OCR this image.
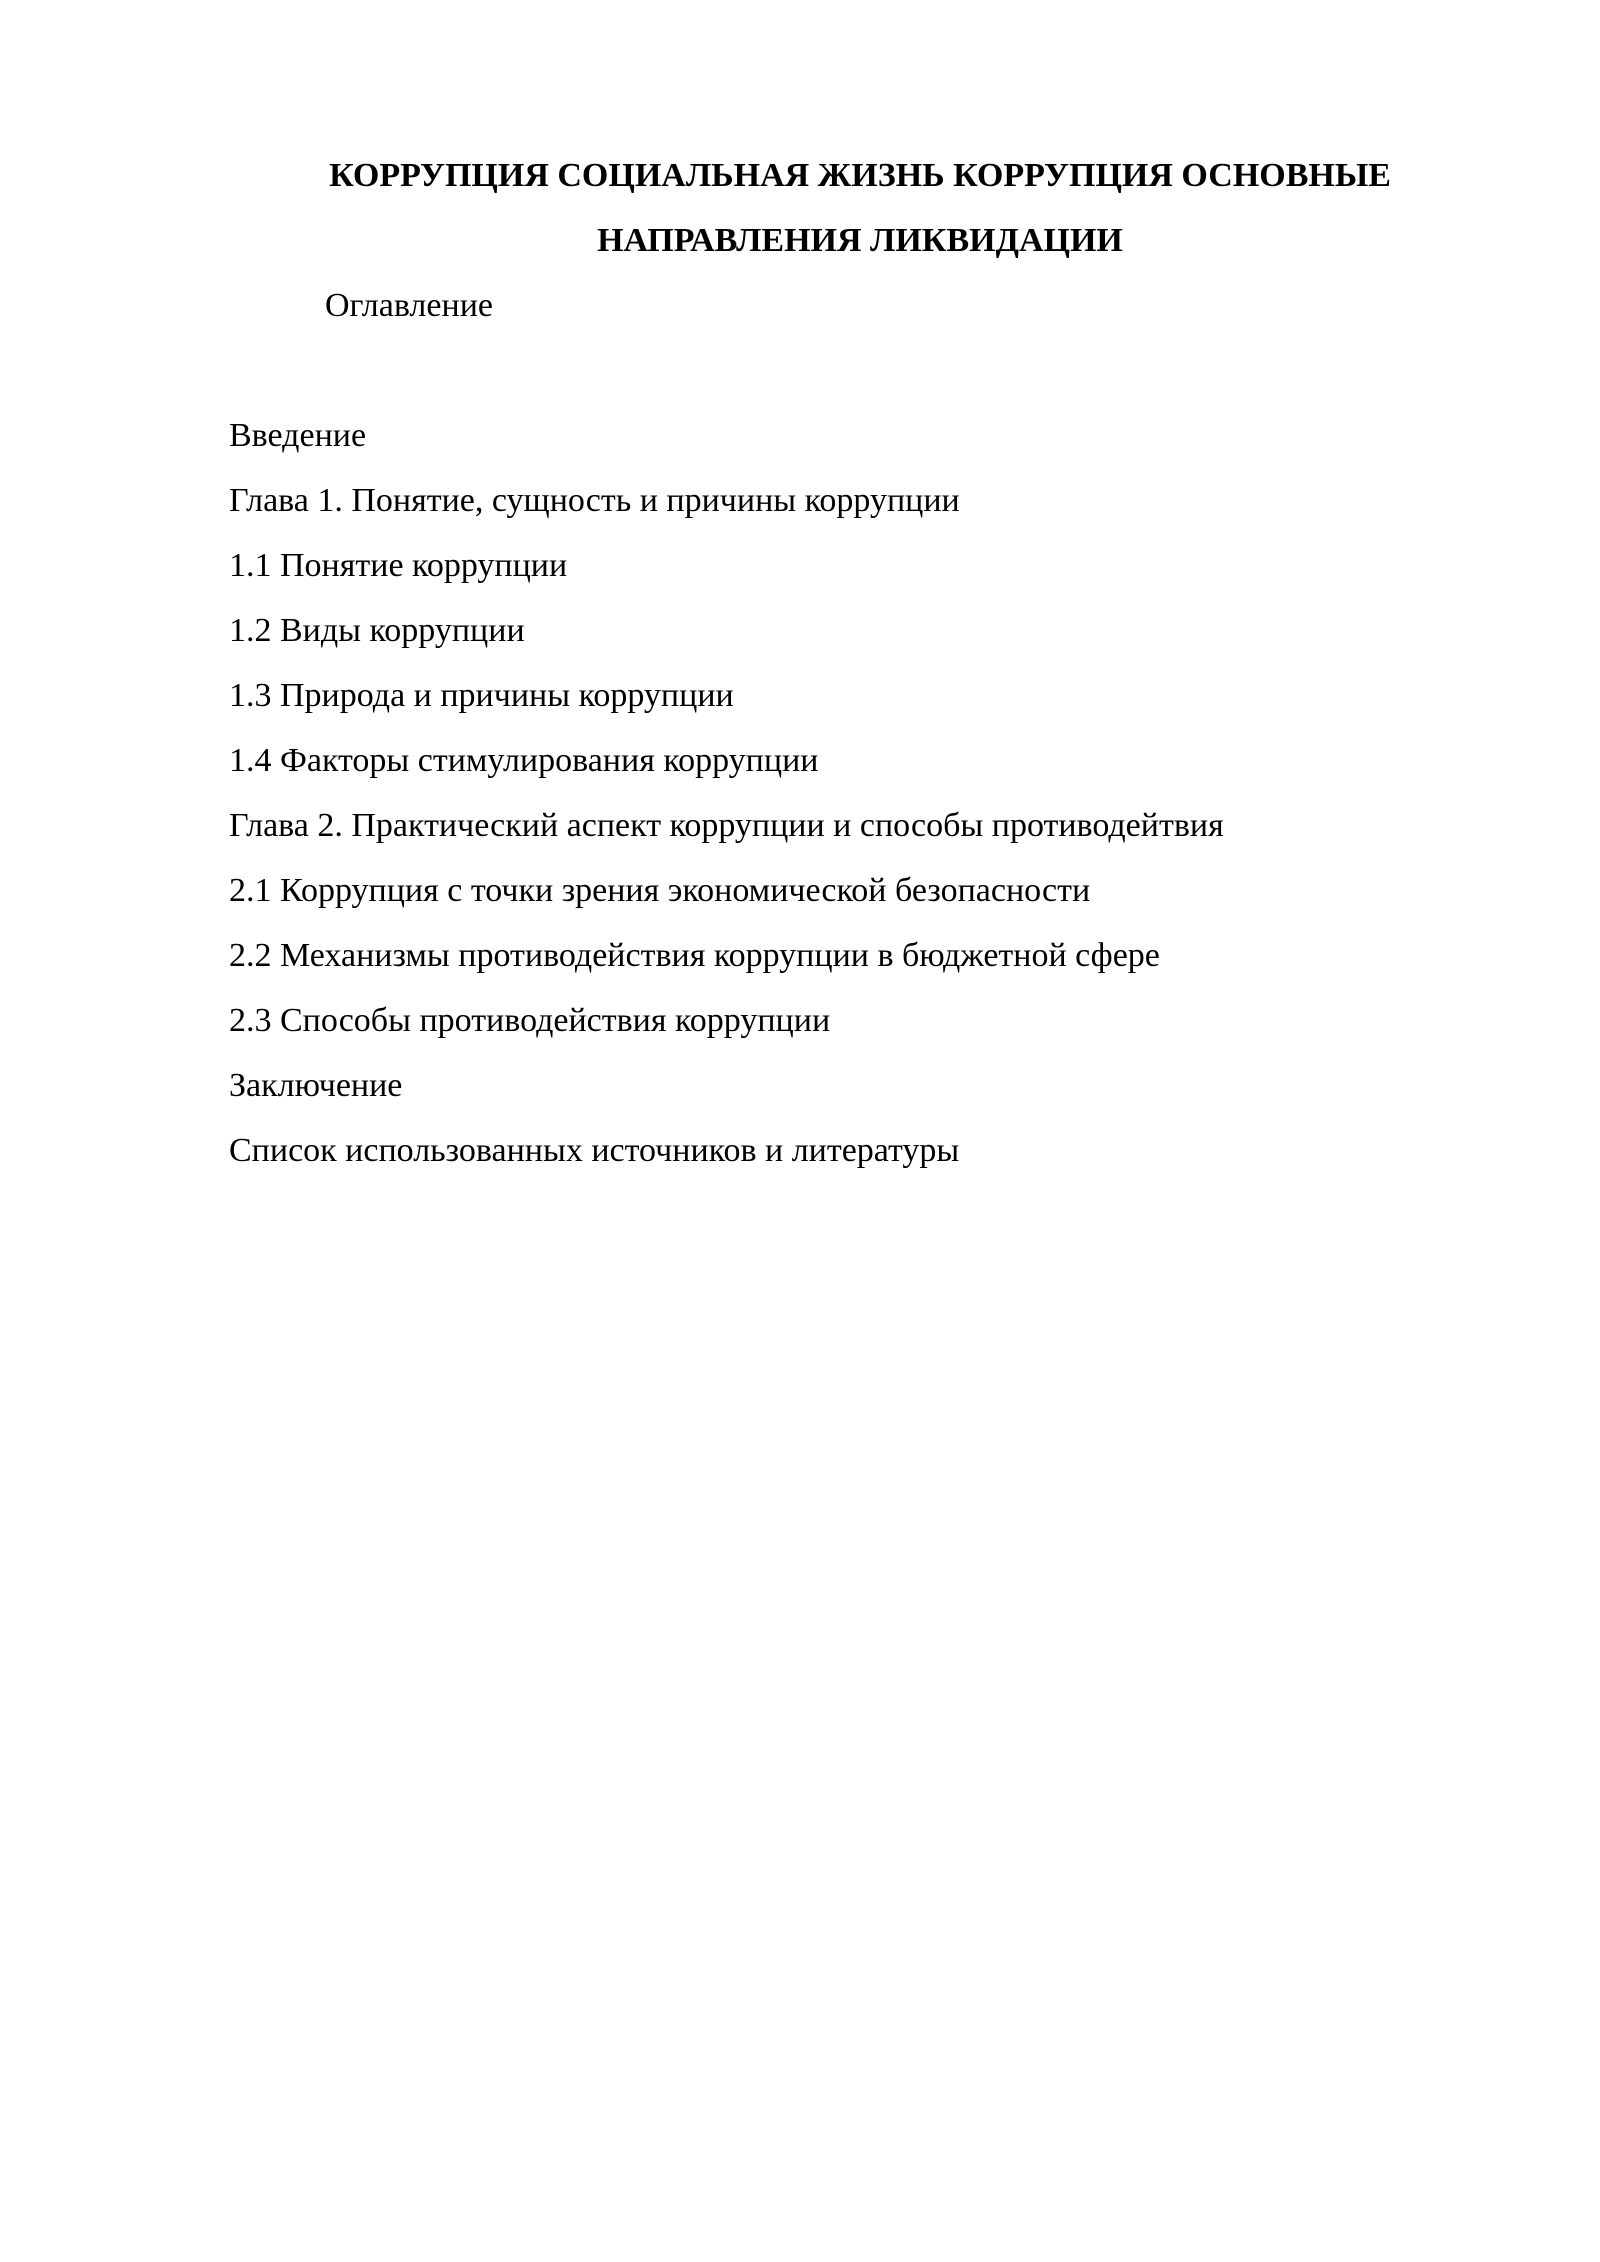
КОРРУПЦИЯ СОЦИАЛЬНАЯ ЖИЗНЬ КОРРУПЦИЯ ОСНОВНЫЕ НАПРАВЛЕНИЯ ЛИКВИДАЦИИ
Оглавление
Введение
Глава 1. Понятие, сущность и причины коррупции
1.1 Понятие коррупции
1.2 Виды коррупции
1.3 Природа и причины коррупции
1.4 Факторы стимулирования коррупции
Глава 2. Практический аспект коррупции и способы противодейтвия
2.1 Коррупция с точки зрения экономической безопасности
2.2 Механизмы противодействия коррупции в бюджетной сфере
2.3 Способы противодействия коррупции
Заключение
Список использованных источников и литературы
